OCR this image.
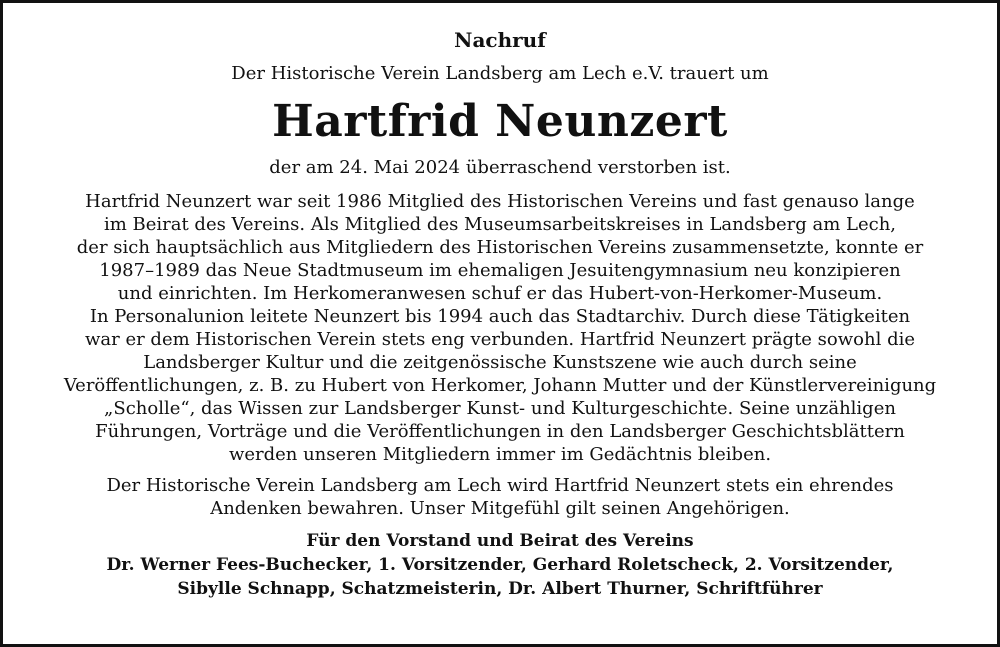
Nachruf
Der Historische Verein Landsberg am Lech e.V. trauert um
Hartfrid Neunzert
der am 24. Mai 2024 überraschend verstorben ist.
Hartfrid Neunzert war seit 1986 Mitglied des Historischen Vereins und fast genauso lange
im Beirat des Vereins. Als Mitglied des Museumsarbeitskreises in Landsberg am Lech,
der sich hauptsächlich aus Mitgliedern des Historischen Vereins zusammensetzte, konnte er
1987–1989 das Neue Stadtmuseum im ehemaligen Jesuitengymnasium neu konzipieren
und einrichten. Im Herkomeranwesen schuf er das Hubert-von-Herkomer-Museum.
In Personalunion leitete Neunzert bis 1994 auch das Stadtarchiv. Durch diese Tätigkeiten
war er dem Historischen Verein stets eng verbunden. Hartfrid Neunzert prägte sowohl die
Landsberger Kultur und die zeitgenössische Kunstszene wie auch durch seine
Veröffentlichungen, z. B. zu Hubert von Herkomer, Johann Mutter und der Künstlervereinigung
„Scholle“, das Wissen zur Landsberger Kunst- und Kulturgeschichte. Seine unzähligen
Führungen, Vorträge und die Veröffentlichungen in den Landsberger Geschichtsblättern
werden unseren Mitgliedern immer im Gedächtnis bleiben.
Der Historische Verein Landsberg am Lech wird Hartfrid Neunzert stets ein ehrendes
Andenken bewahren. Unser Mitgefühl gilt seinen Angehörigen.
Für den Vorstand und Beirat des Vereins
Dr. Werner Fees-Buchecker, 1. Vorsitzender, Gerhard Roletscheck, 2. Vorsitzender,
Sibylle Schnapp, Schatzmeisterin, Dr. Albert Thurner, Schriftführer
